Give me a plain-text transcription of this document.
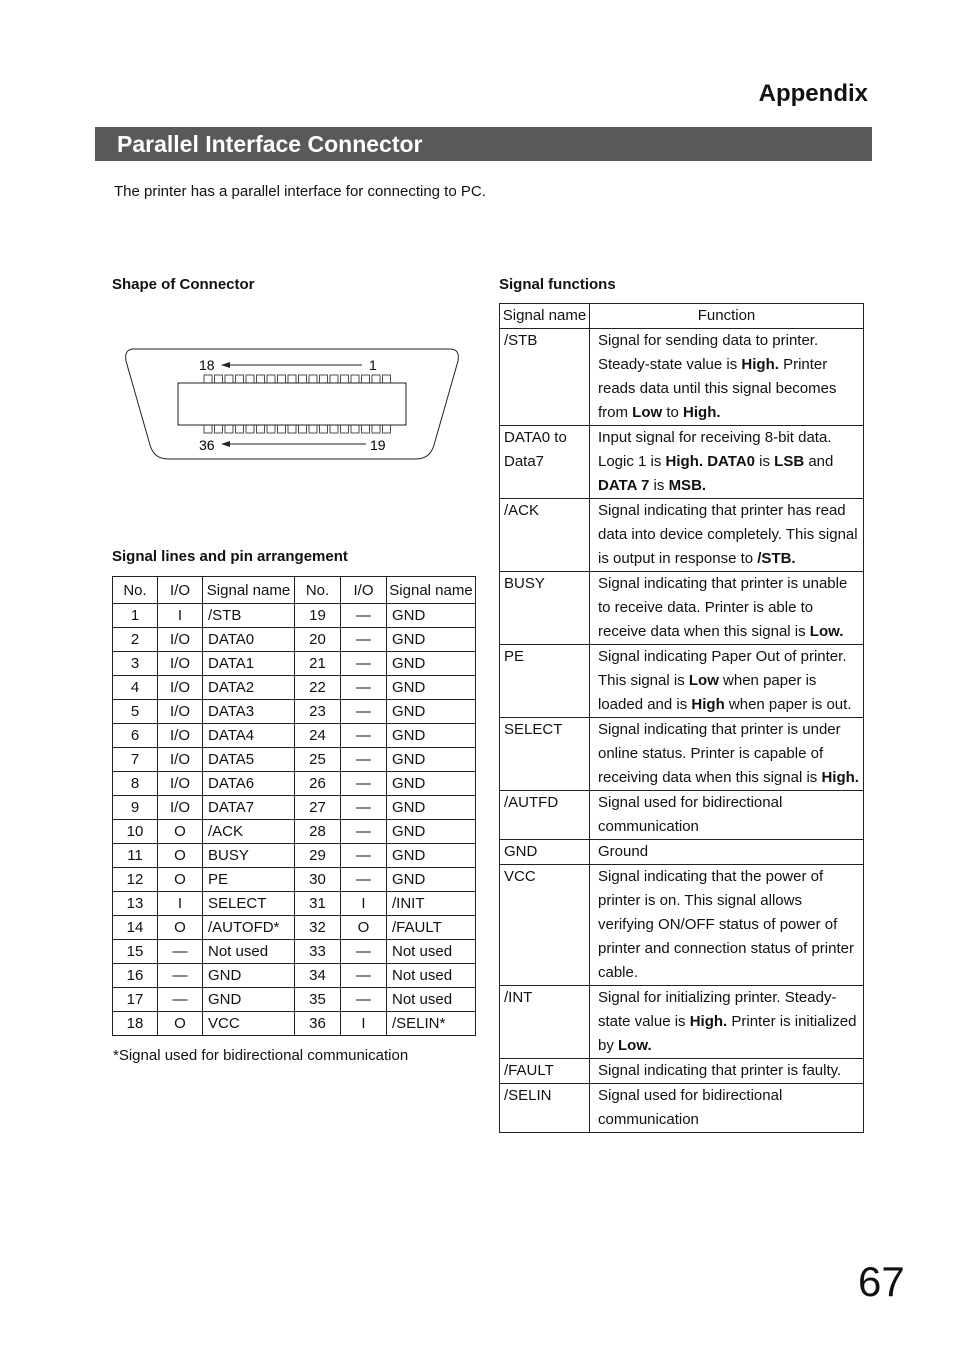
Appendix
Parallel Interface Connector
The printer has a parallel interface for connecting to PC.
Shape of Connector	Signal functions
Signal lines and pin arrangement
18	1
36	19
No.	I/O	Signal name	No.	I/O	Signal name
1	I	/STB	19	—	GND
2	I/O	DATA0	20	—	GND
3	I/O	DATA1	21	—	GND
4	I/O	DATA2	22	—	GND
5	I/O	DATA3	23	—	GND
6	I/O	DATA4	24	—	GND
7	I/O	DATA5	25	—	GND
8	I/O	DATA6	26	—	GND
9	I/O	DATA7	27	—	GND
10	O	/ACK	28	—	GND
11	O	BUSY	29	—	GND
12	O	PE	30	—	GND
13	I	SELECT	31	I	/INIT
14	O	/AUTOFD*	32	O	/FAULT
15	—	Not used	33	—	Not used
16	—	GND	34	—	Not used
17	—	GND	35	—	Not used
18	O	VCC	36	I	/SELIN*
*Signal used for bidirectional communication
Signal name	Function
/STB	Signal for sending data to printer. Steady-state value is High. Printer reads data until this signal becomes from Low to High.
DATA0 to Data7	Input signal for receiving 8-bit data. Logic 1 is High. DATA0 is LSB and DATA 7 is MSB.
/ACK	Signal indicating that printer has read data into device completely. This signal is output in response to /STB.
BUSY	Signal indicating that printer is unable to receive data. Printer is able to receive data when this signal is Low.
PE	Signal indicating Paper Out of printer. This signal is Low when paper is loaded and is High when paper is out.
SELECT	Signal indicating that printer is under online status. Printer is capable of receiving data when this signal is High.
/AUTFD	Signal used for bidirectional communication
GND	Ground
VCC	Signal indicating that the power of printer is on. This signal allows verifying ON/OFF status of power of printer and connection status of printer cable.
/INT	Signal for initializing printer. Steady-state value is High. Printer is initialized by Low.
/FAULT	Signal indicating that printer is faulty.
/SELIN	Signal used for bidirectional communication
67
